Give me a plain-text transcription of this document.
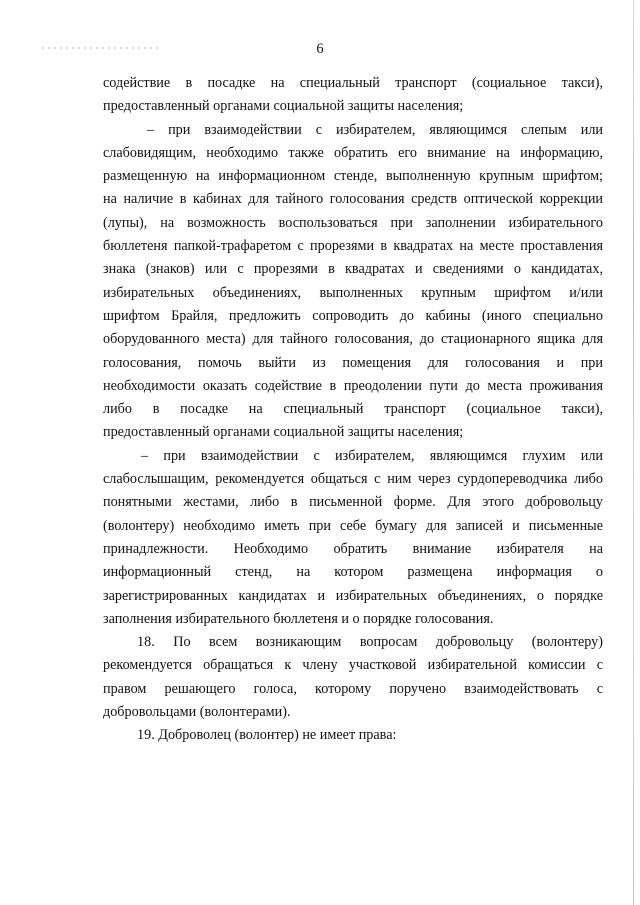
6
содействие в посадке на специальный транспорт (социальное такси),
предоставленный органами социальной защиты населения;
– при взаимодействии с избирателем, являющимся слепым или
слабовидящим, необходимо также обратить его внимание на информацию,
размещенную на информационном стенде, выполненную крупным шрифтом;
на наличие в кабинах для тайного голосования средств оптической коррекции
(лупы), на возможность воспользоваться при заполнении избирательного
бюллетеня папкой-трафаретом с прорезями в квадратах на месте проставления
знака (знаков) или с прорезями в квадратах и сведениями о кандидатах,
избирательных объединениях, выполненных крупным шрифтом и/или
шрифтом Брайля, предложить сопроводить до кабины (иного специально
оборудованного места) для тайного голосования, до стационарного ящика для
голосования, помочь выйти из помещения для голосования и при
необходимости оказать содействие в преодолении пути до места проживания
либо в посадке на специальный транспорт (социальное такси),
предоставленный органами социальной защиты населения;
– при взаимодействии с избирателем, являющимся глухим или
слабослышащим, рекомендуется общаться с ним через сурдопереводчика либо
понятными жестами, либо в письменной форме. Для этого добровольцу
(волонтеру) необходимо иметь при себе бумагу для записей и письменные
принадлежности. Необходимо обратить внимание избирателя на
информационный стенд, на котором размещена информация о
зарегистрированных кандидатах и избирательных объединениях, о порядке
заполнения избирательного бюллетеня и о порядке голосования.
18. По всем возникающим вопросам добровольцу (волонтеру)
рекомендуется обращаться к члену участковой избирательной комиссии с
правом решающего голоса, которому поручено взаимодействовать с
добровольцами (волонтерами).
19. Доброволец (волонтер) не имеет права:
